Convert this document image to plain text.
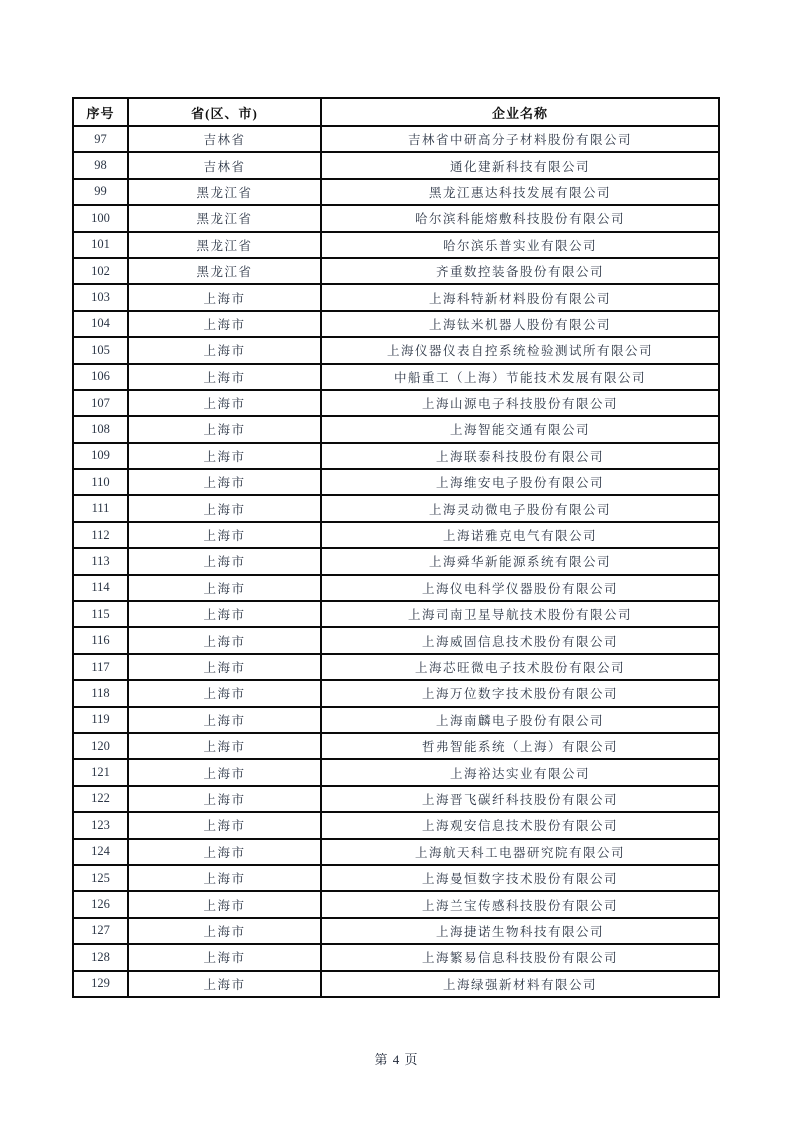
序号	省(区、市)	企业名称
97	吉林省	吉林省中研高分子材料股份有限公司
98	吉林省	通化建新科技有限公司
99	黑龙江省	黑龙江惠达科技发展有限公司
100	黑龙江省	哈尔滨科能熔敷科技股份有限公司
101	黑龙江省	哈尔滨乐普实业有限公司
102	黑龙江省	齐重数控装备股份有限公司
103	上海市	上海科特新材料股份有限公司
104	上海市	上海钛米机器人股份有限公司
105	上海市	上海仪器仪表自控系统检验测试所有限公司
106	上海市	中船重工（上海）节能技术发展有限公司
107	上海市	上海山源电子科技股份有限公司
108	上海市	上海智能交通有限公司
109	上海市	上海联泰科技股份有限公司
110	上海市	上海维安电子股份有限公司
111	上海市	上海灵动微电子股份有限公司
112	上海市	上海诺雅克电气有限公司
113	上海市	上海舜华新能源系统有限公司
114	上海市	上海仪电科学仪器股份有限公司
115	上海市	上海司南卫星导航技术股份有限公司
116	上海市	上海威固信息技术股份有限公司
117	上海市	上海芯旺微电子技术股份有限公司
118	上海市	上海万位数字技术股份有限公司
119	上海市	上海南麟电子股份有限公司
120	上海市	哲弗智能系统（上海）有限公司
121	上海市	上海裕达实业有限公司
122	上海市	上海晋飞碳纤科技股份有限公司
123	上海市	上海观安信息技术股份有限公司
124	上海市	上海航天科工电器研究院有限公司
125	上海市	上海曼恒数字技术股份有限公司
126	上海市	上海兰宝传感科技股份有限公司
127	上海市	上海捷诺生物科技有限公司
128	上海市	上海繁易信息科技股份有限公司
129	上海市	上海绿强新材料有限公司
第 4 页
